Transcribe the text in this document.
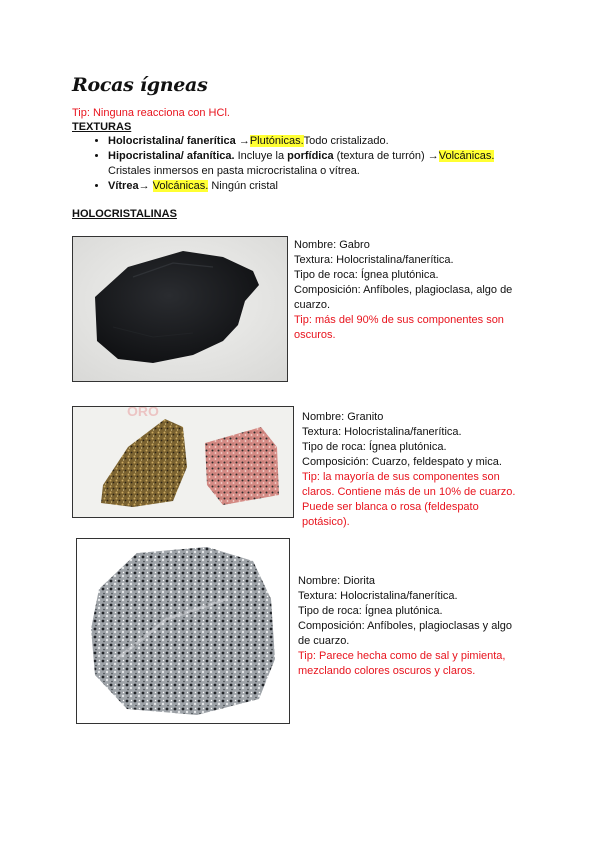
Rocas ígneas
Tip: Ninguna reacciona con HCl.
TEXTURAS
• Holocristalina/ fanerítica →Plutónicas.Todo cristalizado.
• Hipocristalina/ afanítica. Incluye la porfídica (textura de turrón) →Volcánicas.
Cristales inmersos en pasta microcristalina o vítrea.
• Vítrea→ Volcánicas. Ningún cristal
HOLOCRISTALINAS
Nombre: Gabro
Textura: Holocristalina/fanerítica.
Tipo de roca: Ígnea plutónica.
Composición: Anfíboles, plagioclasa, algo de
cuarzo.
Tip: más del 90% de sus componentes son
oscuros.
ORO	Nombre: Granito
Textura: Holocristalina/fanerítica.
Tipo de roca: Ígnea plutónica.
Composición: Cuarzo, feldespato y mica.
Tip: la mayoría de sus componentes son
claros. Contiene más de un 10% de cuarzo.
Puede ser blanca o rosa (feldespato
potásico).
Nombre: Diorita
Textura: Holocristalina/fanerítica.
Tipo de roca: Ígnea plutónica.
Composición: Anfíboles, plagioclasas y algo
de cuarzo.
Tip: Parece hecha como de sal y pimienta,
mezclando colores oscuros y claros.
